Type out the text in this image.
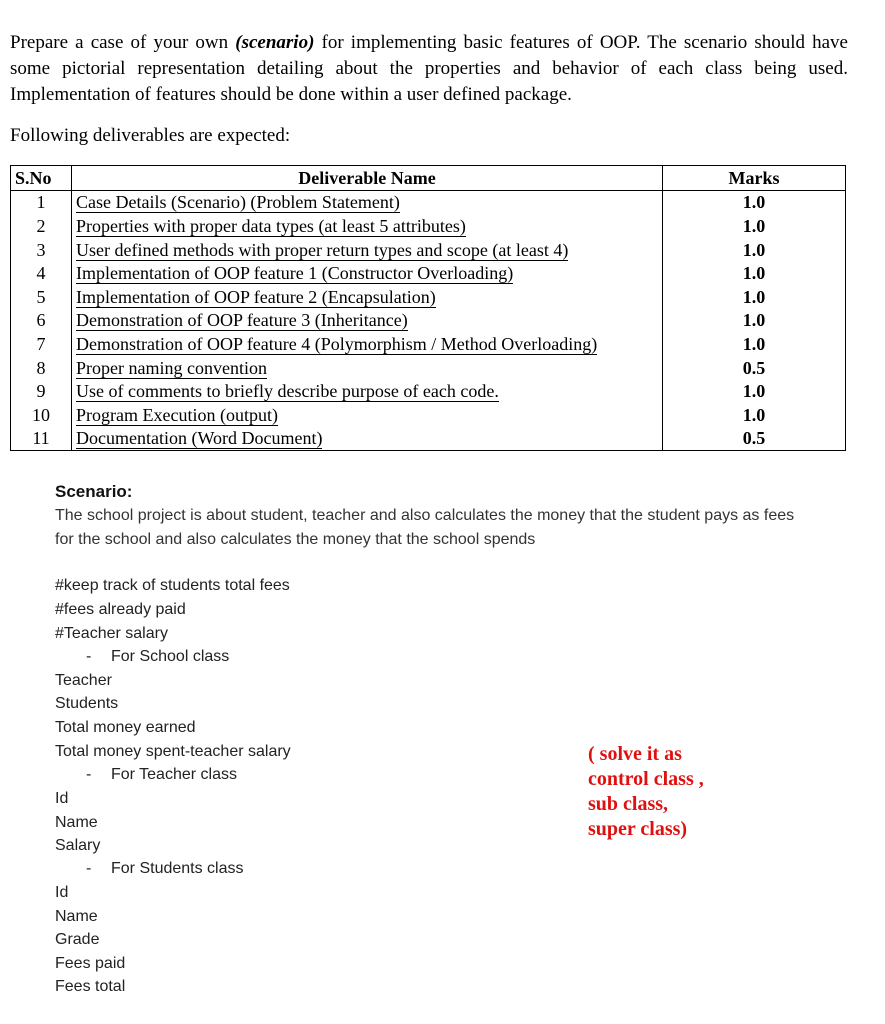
Prepare a case of your own (scenario) for implementing basic features of OOP. The scenario should have some pictorial representation detailing about the properties and behavior of each class being used. Implementation of features should be done within a user defined package.

Following deliverables are expected:

S.No	Deliverable Name	Marks
1	Case Details (Scenario) (Problem Statement)	1.0
2	Properties with proper data types (at least 5 attributes)	1.0
3	User defined methods with proper return types and scope (at least 4)	1.0
4	Implementation of OOP feature 1 (Constructor Overloading)	1.0
5	Implementation of OOP feature 2 (Encapsulation)	1.0
6	Demonstration of OOP feature 3 (Inheritance)	1.0
7	Demonstration of OOP feature 4 (Polymorphism / Method Overloading)	1.0
8	Proper naming convention	0.5
9	Use of comments to briefly describe purpose of each code.	1.0
10	Program Execution (output)	1.0
11	Documentation (Word Document)	0.5

Scenario:

The school project is about student, teacher and also calculates the money that the student pays as fees for the school and also calculates the money that the school spends

#keep track of students total fees

#fees already paid

#Teacher salary

- For School class

Teacher

Students

Total money earned

Total money spent-teacher salary

- For Teacher class

Id

Name

Salary

- For Students class

Id

Name

Grade

Fees paid

Fees total

( solve it as
control class ,
sub class,
super class)
